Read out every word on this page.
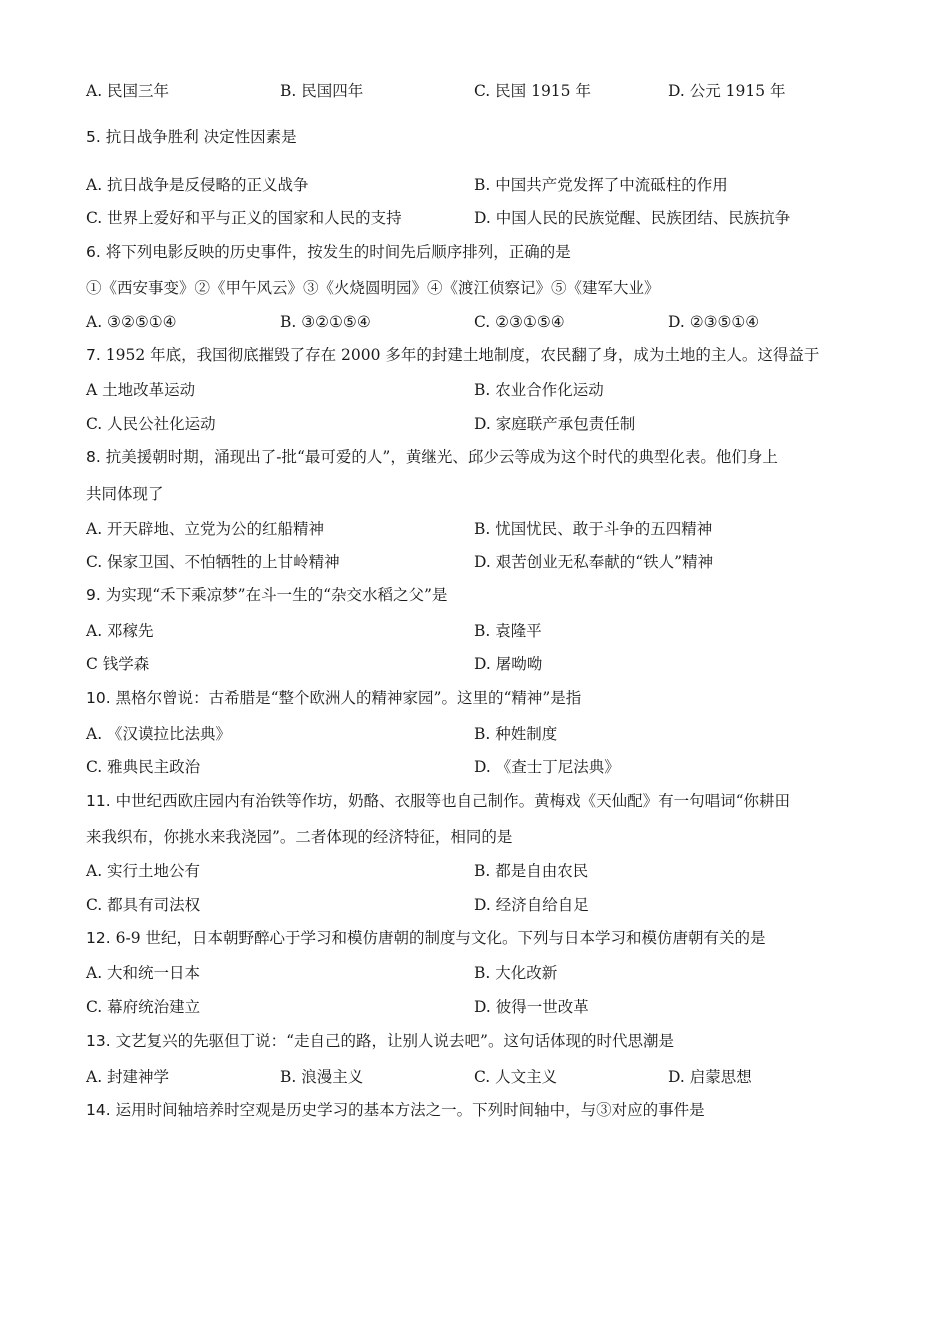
A. 民国三年	B. 民国四年	C. 民国 1915 年	D. 公元 1915 年
5. 抗日战争胜利 决定性因素是
A. 抗日战争是反侵略的正义战争	B. 中国共产党发挥了中流砥柱的作用
C. 世界上爱好和平与正义的国家和人民的支持	D. 中国人民的民族觉醒、民族团结、民族抗争
6. 将下列电影反映的历史事件，按发生的时间先后顺序排列，正确的是
①《西安事变》②《甲午风云》③《火烧圆明园》④《渡江侦察记》⑤《建军大业》
A. ③②⑤①④	B. ③②①⑤④	C. ②③①⑤④	D. ②③⑤①④
7. 1952 年底，我国彻底摧毁了存在 2000 多年的封建土地制度，农民翻了身，成为土地的主人。这得益于
A 土地改革运动	B. 农业合作化运动
C. 人民公社化运动	D. 家庭联产承包责任制
8. 抗美援朝时期，涌现出了-批“最可爱的人”，黄继光、邱少云等成为这个时代的典型化表。他们身上
共同体现了
A. 开天辟地、立党为公的红船精神	B. 忧国忧民、敢于斗争的五四精神
C. 保家卫国、不怕牺牲的上甘岭精神	D. 艰苦创业无私奉献的“铁人”精神
9. 为实现“禾下乘凉梦”在斗一生的“杂交水稻之父”是
A. 邓稼先	B. 袁隆平
C 钱学森	D. 屠呦呦
10. 黑格尔曾说：古希腊是“整个欧洲人的精神家园”。这里的“精神”是指
A. 《汉谟拉比法典》	B. 种姓制度
C. 雅典民主政治	D. 《查士丁尼法典》
11. 中世纪西欧庄园内有治铁等作坊，奶酪、衣服等也自己制作。黄梅戏《天仙配》有一句唱词“你耕田
来我织布，你挑水来我浇园”。二者体现的经济特征，相同的是
A. 实行土地公有	B. 都是自由农民
C. 都具有司法权	D. 经济自给自足
12. 6-9 世纪，日本朝野醉心于学习和模仿唐朝的制度与文化。下列与日本学习和模仿唐朝有关的是
A. 大和统一日本	B. 大化改新
C. 幕府统治建立	D. 彼得一世改革
13. 文艺复兴的先驱但丁说：“走自己的路，让别人说去吧”。这句话体现的时代思潮是
A. 封建神学	B. 浪漫主义	C. 人文主义	D. 启蒙思想
14. 运用时间轴培养时空观是历史学习的基本方法之一。下列时间轴中，与③对应的事件是
